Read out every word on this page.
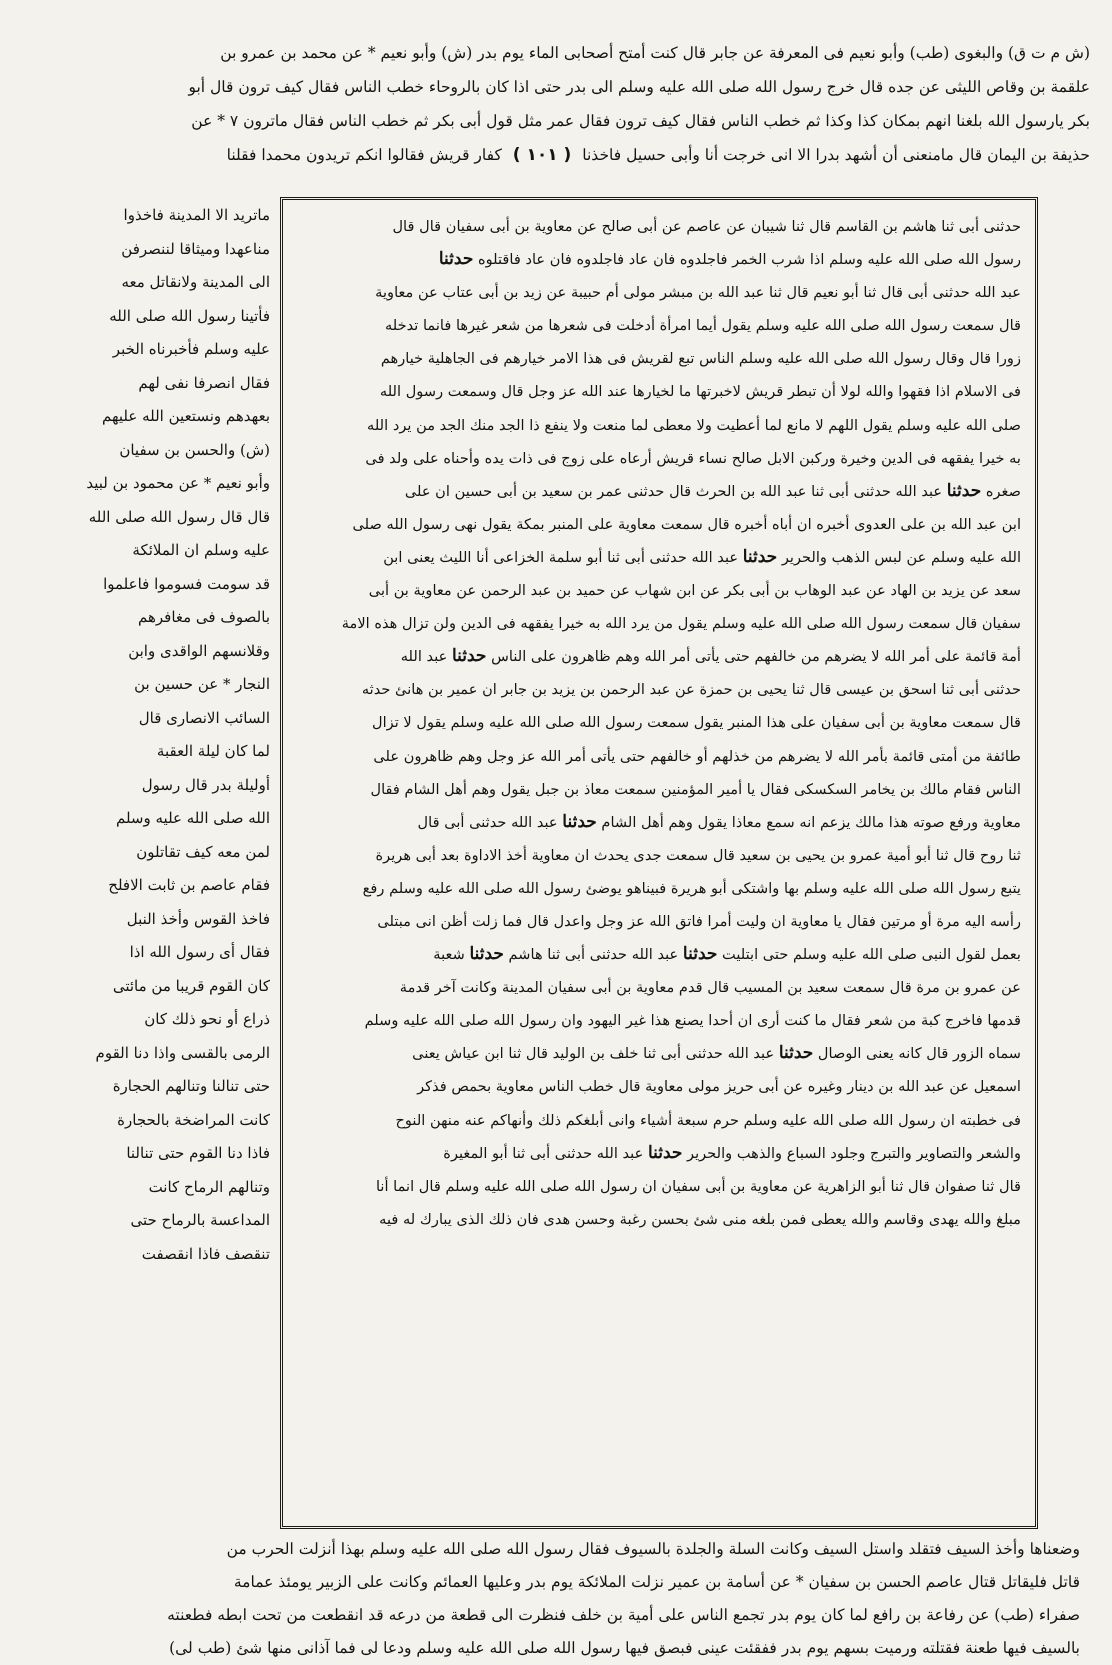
(ش م ت ق) والبغوى (طب) وأبو نعيم فى المعرفة عن جابر قال كنت أمتح أصحابى الماء يوم بدر (ش) وأبو نعيم * عن محمد بن عمرو بن
علقمة بن وقاص الليثى عن جده قال خرج رسول الله صلى الله عليه وسلم الى بدر حتى اذا كان بالروحاء خطب الناس فقال كيف ترون قال أبو
بكر يارسول الله بلغنا انهم بمكان كذا وكذا ثم خطب الناس فقال كيف ترون فقال عمر مثل قول أبى بكر ثم خطب الناس فقال ماترون ٧ * عن
حذيفة بن اليمان قال مامنعنى أن أشهد بدرا الا انى خرجت أنا وأبى حسيل فاخذنا ( ١٠١ ) كفار قريش فقالوا انكم تريدون محمدا فقلنا
حدثنى أبى ثنا هاشم بن القاسم قال ثنا شيبان عن عاصم عن أبى صالح عن معاوية بن أبى سفيان قال قال
رسول الله صلى الله عليه وسلم اذا شرب الخمر فاجلدوه فان عاد فاجلدوه فان عاد فاقتلوه حدثنا
عبد الله حدثنى أبى قال ثنا أبو نعيم قال ثنا عبد الله بن مبشر مولى أم حبيبة عن زيد بن أبى عتاب عن معاوية
قال سمعت رسول الله صلى الله عليه وسلم يقول أيما امرأة أدخلت فى شعرها من شعر غيرها فانما تدخله
زورا قال وقال رسول الله صلى الله عليه وسلم الناس تبع لقريش فى هذا الامر خيارهم فى الجاهلية خيارهم
فى الاسلام اذا فقهوا والله لولا أن تبطر قريش لاخبرتها ما لخيارها عند الله عز وجل قال وسمعت رسول الله
صلى الله عليه وسلم يقول اللهم لا مانع لما أعطيت ولا معطى لما منعت ولا ينفع ذا الجد منك الجد من يرد الله
به خيرا يفقهه فى الدين وخيرة وركبن الابل صالح نساء قريش أرعاه على زوج فى ذات يده وأحناه على ولد فى
صغره حدثنا عبد الله حدثنى أبى ثنا عبد الله بن الحرث قال حدثنى عمر بن سعيد بن أبى حسين ان على
ابن عبد الله بن على العدوى أخبره ان أباه أخبره قال سمعت معاوية على المنبر بمكة يقول نهى رسول الله صلى
الله عليه وسلم عن لبس الذهب والحرير حدثنا عبد الله حدثنى أبى ثنا أبو سلمة الخزاعى أنا الليث يعنى ابن
سعد عن يزيد بن الهاد عن عبد الوهاب بن أبى بكر عن ابن شهاب عن حميد بن عبد الرحمن عن معاوية بن أبى
سفيان قال سمعت رسول الله صلى الله عليه وسلم يقول من يرد الله به خيرا يفقهه فى الدين ولن تزال هذه الامة
أمة قائمة على أمر الله لا يضرهم من خالفهم حتى يأتى أمر الله وهم ظاهرون على الناس حدثنا عبد الله
حدثنى أبى ثنا اسحق بن عيسى قال ثنا يحيى بن حمزة عن عبد الرحمن بن يزيد بن جابر ان عمير بن هانئ حدثه
قال سمعت معاوية بن أبى سفيان على هذا المنبر يقول سمعت رسول الله صلى الله عليه وسلم يقول لا تزال
طائفة من أمتى قائمة بأمر الله لا يضرهم من خذلهم أو خالفهم حتى يأتى أمر الله عز وجل وهم ظاهرون على
الناس فقام مالك بن يخامر السكسكى فقال يا أمير المؤمنين سمعت معاذ بن جبل يقول وهم أهل الشام فقال
معاوية ورفع صوته هذا مالك يزعم انه سمع معاذا يقول وهم أهل الشام حدثنا عبد الله حدثنى أبى قال
ثنا روح قال ثنا أبو أمية عمرو بن يحيى بن سعيد قال سمعت جدى يحدث ان معاوية أخذ الاداوة بعد أبى هريرة
يتبع رسول الله صلى الله عليه وسلم بها واشتكى أبو هريرة فبيناهو يوضئ رسول الله صلى الله عليه وسلم رفع
رأسه اليه مرة أو مرتين فقال يا معاوية ان وليت أمرا فاتق الله عز وجل واعدل قال فما زلت أظن انى مبتلى
بعمل لقول النبى صلى الله عليه وسلم حتى ابتليت حدثنا عبد الله حدثنى أبى ثنا هاشم حدثنا شعبة
عن عمرو بن مرة قال سمعت سعيد بن المسيب قال قدم معاوية بن أبى سفيان المدينة وكانت آخر قدمة
قدمها فاخرج كبة من شعر فقال ما كنت أرى ان أحدا يصنع هذا غير اليهود وان رسول الله صلى الله عليه وسلم
سماه الزور قال كانه يعنى الوصال حدثنا عبد الله حدثنى أبى ثنا خلف بن الوليد قال ثنا ابن عياش يعنى
اسمعيل عن عبد الله بن دينار وغيره عن أبى حريز مولى معاوية قال خطب الناس معاوية بحمص فذكر
فى خطبته ان رسول الله صلى الله عليه وسلم حرم سبعة أشياء وانى أبلغكم ذلك وأنهاكم عنه منهن النوح
والشعر والتصاوير والتبرج وجلود السباع والذهب والحرير حدثنا عبد الله حدثنى أبى ثنا أبو المغيرة
قال ثنا صفوان قال ثنا أبو الزاهرية عن معاوية بن أبى سفيان ان رسول الله صلى الله عليه وسلم قال انما أنا
مبلغ والله يهدى وقاسم والله يعطى فمن بلغه منى شئ بحسن رغبة وحسن هدى فان ذلك الذى يبارك له فيه
ماتريد الا المدينة فاخذوا
مناعهدا وميثاقا لننصرفن
الى المدينة ولانقاتل معه
فأتينا رسول الله صلى الله
عليه وسلم فأخبرناه الخبر
فقال انصرفا نفى لهم
بعهدهم ونستعين الله عليهم
(ش) والحسن بن سفيان
وأبو نعيم * عن محمود بن لبيد
قال قال رسول الله صلى الله
عليه وسلم ان الملائكة
قد سومت فسوموا فاعلموا
بالصوف فى مغافرهم
وقلانسهم الواقدى وابن
النجار * عن حسين بن
السائب الانصارى قال
لما كان ليلة العقبة
أوليلة بدر قال رسول
الله صلى الله عليه وسلم
لمن معه كيف تقاتلون
فقام عاصم بن ثابت الافلح
فاخذ القوس وأخذ النبل
فقال أى رسول الله اذا
كان القوم قريبا من مائتى
ذراع أو نحو ذلك كان
الرمى بالقسى واذا دنا القوم
حتى تنالنا وتنالهم الحجارة
كانت المراضخة بالحجارة
فاذا دنا القوم حتى تنالنا
وتنالهم الرماح كانت
المداعسة بالرماح حتى
تنقصف فاذا انقصفت
وضعناها وأخذ السيف فتقلد واستل السيف وكانت السلة والجلدة بالسيوف فقال رسول الله صلى الله عليه وسلم بهذا أنزلت الحرب من
قاتل فليقاتل قتال عاصم الحسن بن سفيان * عن أسامة بن عمير نزلت الملائكة يوم بدر وعليها العمائم وكانت على الزبير يومئذ عمامة
صفراء (طب) عن رفاعة بن رافع لما كان يوم بدر تجمع الناس على أمية بن خلف فنظرت الى قطعة من درعه قد انقطعت من تحت ابطه فطعنته
بالسيف فيها طعنة فقتلته ورميت بسهم يوم بدر ففقئت عينى فبصق فيها رسول الله صلى الله عليه وسلم ودعا لى فما آذانى منها شئ (طب لى)
